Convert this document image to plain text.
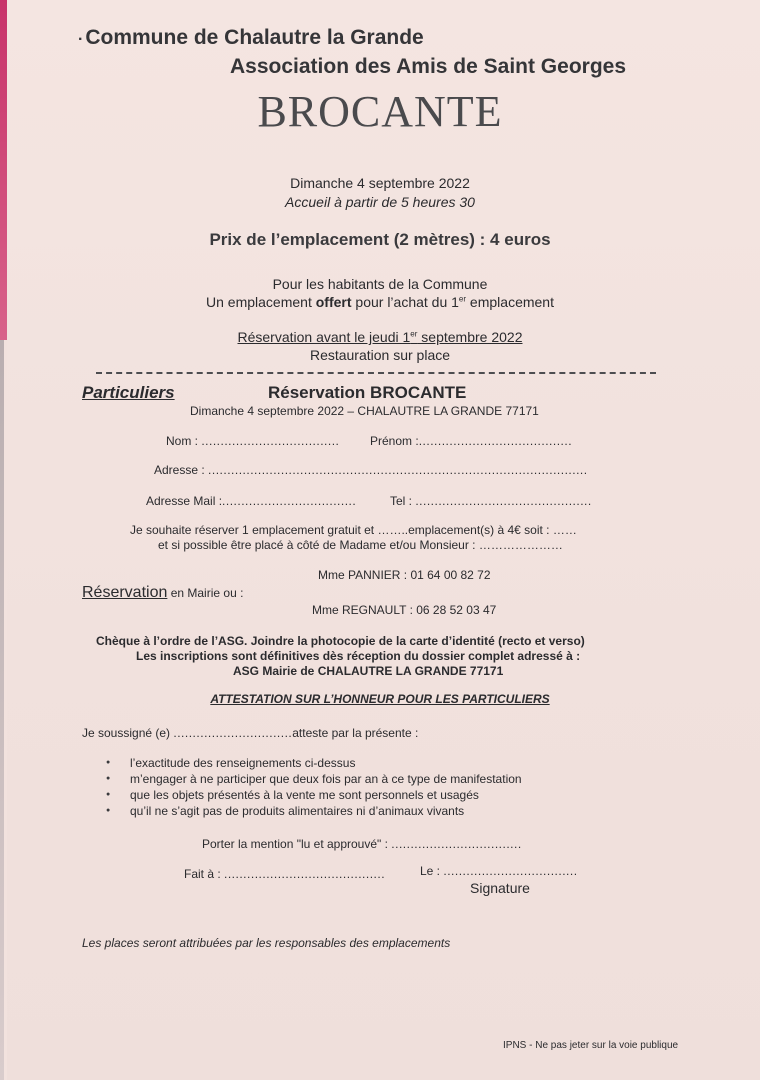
·Commune de Chalautre la Grande
Association des Amis de Saint Georges
BROCANTE
Dimanche 4 septembre 2022
Accueil à partir de 5 heures 30
Prix de l’emplacement (2 mètres) : 4 euros
Pour les habitants de la Commune
Un emplacement offert pour l’achat du 1er emplacement
Réservation avant le jeudi 1er septembre 2022
Restauration sur place
Particuliers	Réservation BROCANTE
Dimanche 4 septembre 2022 – CHALAUTRE LA GRANDE 77171
Nom : ....................................	Prénom :........................................
Adresse : ...................................................................................................
Adresse Mail :...................................	Tel : ..............................................
Je souhaite réserver 1 emplacement gratuit et ……..emplacement(s) à 4€ soit : ……
et si possible être placé à côté de Madame et/ou Monsieur : …………………
Mme PANNIER : 01 64 00 82 72
Réservation en Mairie ou :
Mme REGNAULT : 06 28 52 03 47
Chèque à l’ordre de l’ASG. Joindre la photocopie de la carte d’identité (recto et verso)
Les inscriptions sont définitives dès réception du dossier complet adressé à :
ASG Mairie de CHALAUTRE LA GRANDE 77171
ATTESTATION SUR L’HONNEUR POUR LES PARTICULIERS
Je soussigné (e) ...............................atteste par la présente :
● l’exactitude des renseignements ci-dessus
● m’engager à ne participer que deux fois par an à ce type de manifestation
● que les objets présentés à la vente me sont personnels et usagés
● qu’il ne s’agit pas de produits alimentaires ni d’animaux vivants
Porter la mention "lu et approuvé" : ..................................
Fait à : ..........................................	Le : ...................................
Signature
Les places seront attribuées par les responsables des emplacements
IPNS - Ne pas jeter sur la voie publique
